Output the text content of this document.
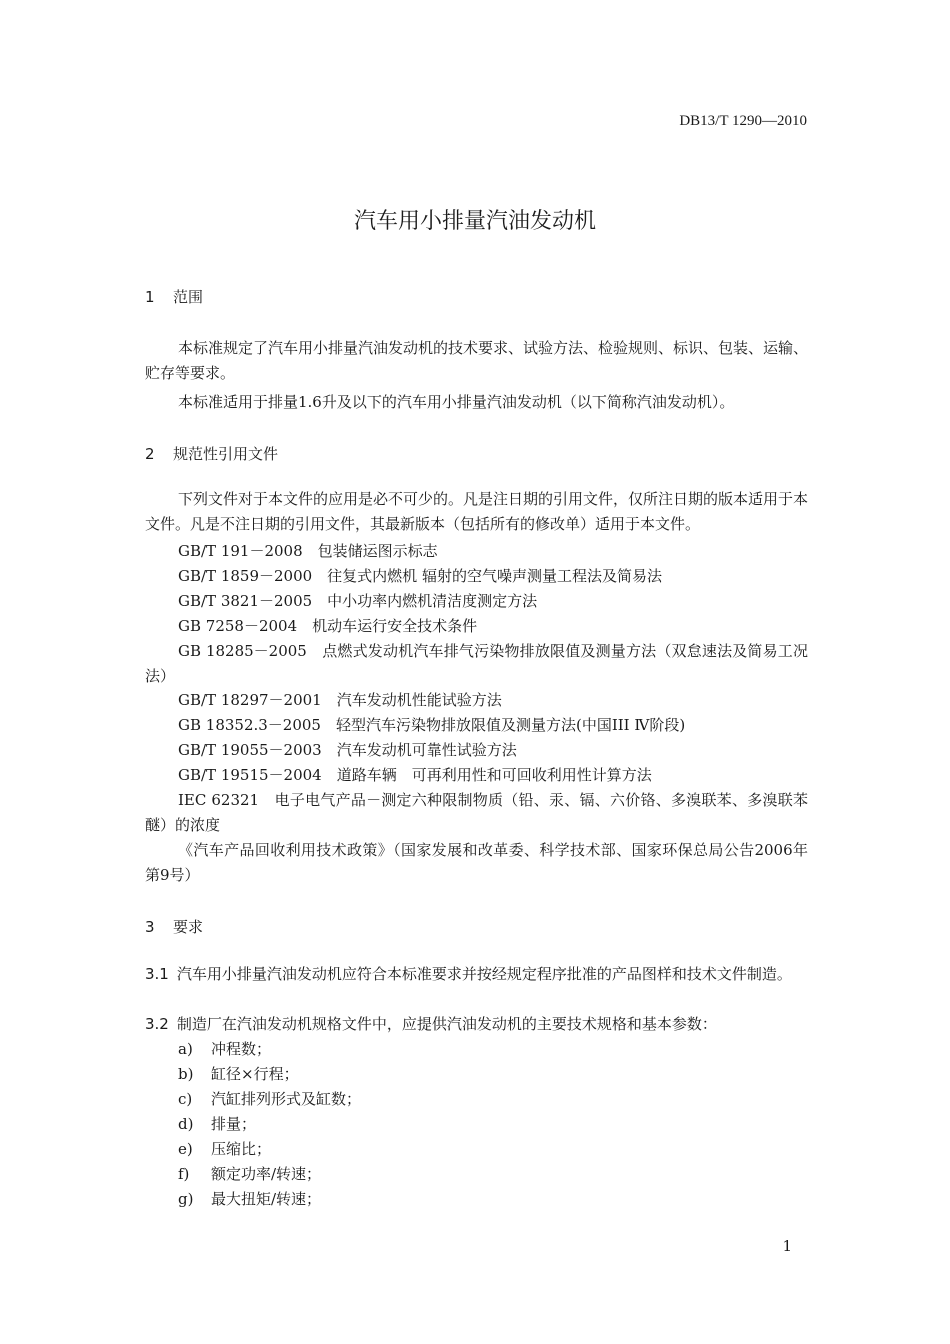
DB13/T 1290—2010
汽车用小排量汽油发动机
1 范围
本标准规定了汽车用小排量汽油发动机的技术要求、试验方法、检验规则、标识、包装、运输、贮存等要求。
本标准适用于排量1.6升及以下的汽车用小排量汽油发动机（以下简称汽油发动机）。
2 规范性引用文件
下列文件对于本文件的应用是必不可少的。凡是注日期的引用文件，仅所注日期的版本适用于本文件。凡是不注日期的引用文件，其最新版本（包括所有的修改单）适用于本文件。
GB/T 191－2008　包装储运图示标志
GB/T 1859－2000　往复式内燃机 辐射的空气噪声测量工程法及简易法
GB/T 3821－2005　中小功率内燃机清洁度测定方法
GB 7258－2004　机动车运行安全技术条件
GB 18285－2005　点燃式发动机汽车排气污染物排放限值及测量方法（双怠速法及简易工况法）
GB/T 18297－2001　汽车发动机性能试验方法
GB 18352.3－2005　轻型汽车污染物排放限值及测量方法(中国III Ⅳ阶段)
GB/T 19055－2003　汽车发动机可靠性试验方法
GB/T 19515－2004　道路车辆　可再利用性和可回收利用性计算方法
IEC 62321　电子电气产品－测定六种限制物质（铅、汞、镉、六价铬、多溴联苯、多溴联苯醚）的浓度
《汽车产品回收利用技术政策》（国家发展和改革委、科学技术部、国家环保总局公告2006年第9号）
3 要求
3.1 汽车用小排量汽油发动机应符合本标准要求并按经规定程序批准的产品图样和技术文件制造。
3.2 制造厂在汽油发动机规格文件中，应提供汽油发动机的主要技术规格和基本参数：
a) 冲程数；
b) 缸径×行程；
c) 汽缸排列形式及缸数；
d) 排量；
e) 压缩比；
f) 额定功率/转速；
g) 最大扭矩/转速；
1
